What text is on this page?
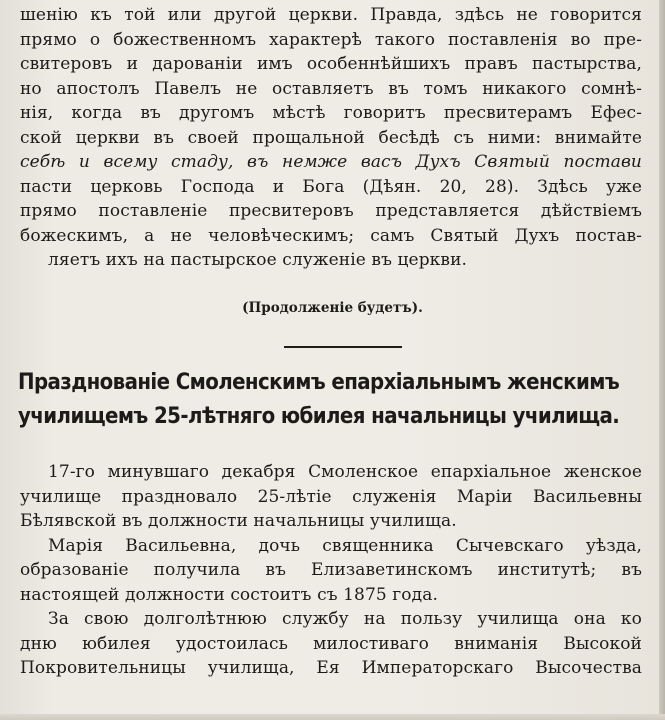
шенію къ той или другой церкви. Правда, здѣсь не говорится
прямо о божественномъ характерѣ такого поставленія во пре-
свитеровъ и дарованіи имъ особеннѣйшихъ правъ пастырства,
но апостолъ Павелъ не оставляетъ въ томъ никакого сомнѣ-
нія, когда въ другомъ мѣстѣ говоритъ пресвитерамъ Ефес-
ской церкви въ своей прощальной бесѣдѣ съ ними: внимайте
себѣ и всему стаду, въ немже васъ Духъ Святый постави
пасти церковь Господа и Бога (Дѣян. 20, 28). Здѣсь уже
прямо поставленіе пресвитеровъ представляется дѣйствіемъ
божескимъ, а не человѣческимъ; самъ Святый Духъ постав-
ляетъ ихъ на пастырское служеніе въ церкви.
(Продолженіе будетъ).
Празднованіе Смоленскимъ епархіальнымъ женскимъ
училищемъ 25-лѣтняго юбилея начальницы училища.
17-го минувшаго декабря Смоленское епархіальное женское
училище праздновало 25-лѣтіе служенія Маріи Васильевны
Бѣлявской въ должности начальницы училища.
Марія Васильевна, дочь священника Сычевскаго уѣзда,
образованіе получила въ Елизаветинскомъ институтѣ; въ
настоящей должности состоитъ съ 1875 года.
За свою долголѣтнюю службу на пользу училища она ко
дню юбилея удостоилась милостиваго вниманія Высокой
Покровительницы училища, Ея Императорскаго Высочества
